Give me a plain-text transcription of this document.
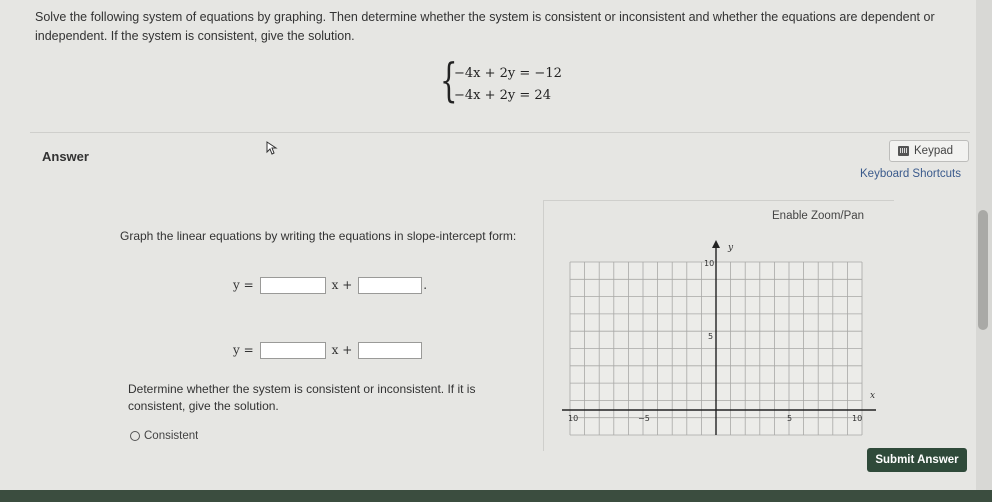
Solve the following system of equations by graphing. Then determine whether the system is consistent or inconsistent and whether the equations are dependent or independent. If the system is consistent, give the solution.
{
−4x + 2y = −12
−4x + 2y = 24
Answer	Keypad
Keyboard Shortcuts
Enable Zoom/Pan
10	−5	5	10
10
5
y
x
Graph the linear equations by writing the equations in slope-intercept form:
y =	x +	.
y =	x +
Determine whether the system is consistent or inconsistent. If it is consistent, give the solution.
Consistent
Submit Answer
